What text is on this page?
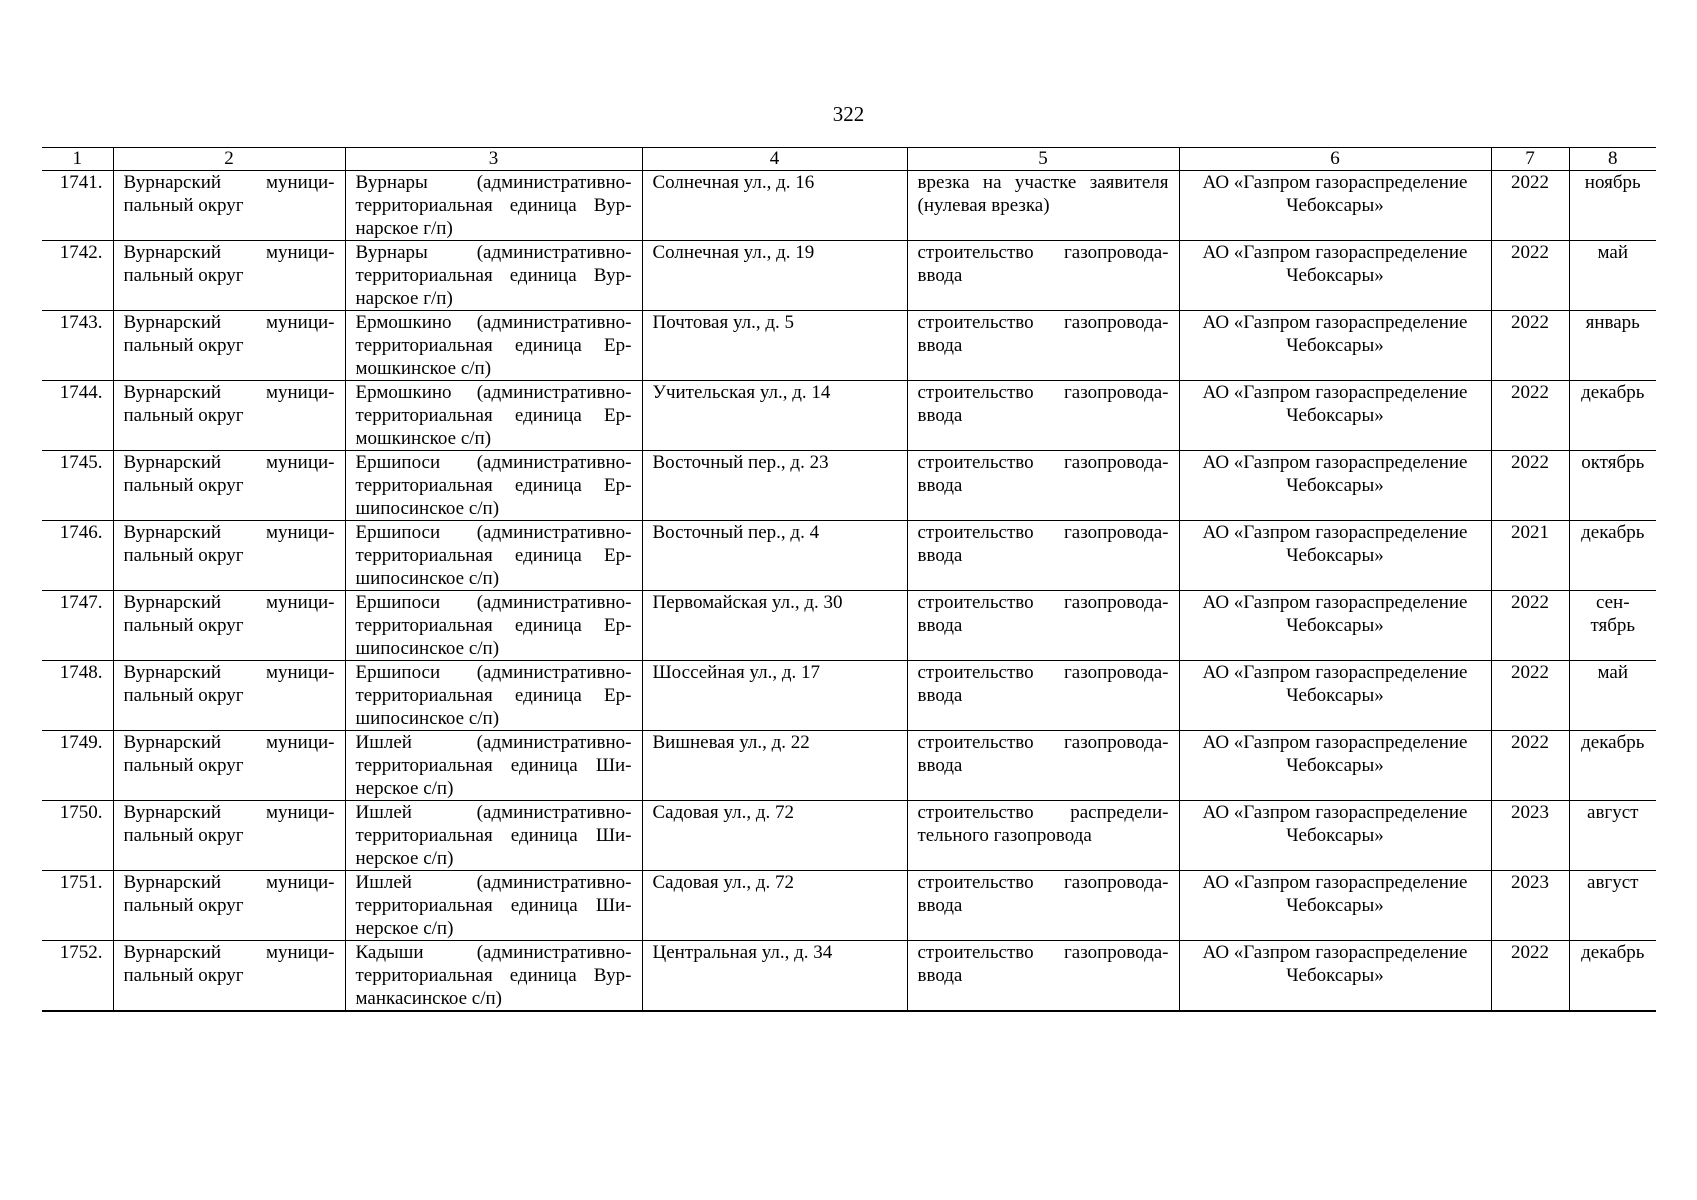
322
1	2	3	4	5	6	7	8
1741.	Вурнарский муници-пальный округ	Вурнары (административно-территориальная единица Вур-нарское г/п)	Солнечная ул., д. 16	врезка на участке заявителя (нулевая врезка)	АО «Газпром газораспределение Чебоксары»	2022	ноябрь
1742.	Вурнарский муници-пальный округ	Вурнары (административно-территориальная единица Вур-нарское г/п)	Солнечная ул., д. 19	строительство газопровода-ввода	АО «Газпром газораспределение Чебоксары»	2022	май
1743.	Вурнарский муници-пальный округ	Ермошкино (административно-территориальная единица Ер-мошкинское с/п)	Почтовая ул., д. 5	строительство газопровода-ввода	АО «Газпром газораспределение Чебоксары»	2022	январь
1744.	Вурнарский муници-пальный округ	Ермошкино (административно-территориальная единица Ер-мошкинское с/п)	Учительская ул., д. 14	строительство газопровода-ввода	АО «Газпром газораспределение Чебоксары»	2022	декабрь
1745.	Вурнарский муници-пальный округ	Ершипоси (административно-территориальная единица Ер-шипосинское с/п)	Восточный пер., д. 23	строительство газопровода-ввода	АО «Газпром газораспределение Чебоксары»	2022	октябрь
1746.	Вурнарский муници-пальный округ	Ершипоси (административно-территориальная единица Ер-шипосинское с/п)	Восточный пер., д. 4	строительство газопровода-ввода	АО «Газпром газораспределение Чебоксары»	2021	декабрь
1747.	Вурнарский муници-пальный округ	Ершипоси (административно-территориальная единица Ер-шипосинское с/п)	Первомайская ул., д. 30	строительство газопровода-ввода	АО «Газпром газораспределение Чебоксары»	2022	сен-тябрь
1748.	Вурнарский муници-пальный округ	Ершипоси (административно-территориальная единица Ер-шипосинское с/п)	Шоссейная ул., д. 17	строительство газопровода-ввода	АО «Газпром газораспределение Чебоксары»	2022	май
1749.	Вурнарский муници-пальный округ	Ишлей (административно-территориальная единица Ши-нерское с/п)	Вишневая ул., д. 22	строительство газопровода-ввода	АО «Газпром газораспределение Чебоксары»	2022	декабрь
1750.	Вурнарский муници-пальный округ	Ишлей (административно-территориальная единица Ши-нерское с/п)	Садовая ул., д. 72	строительство распредели-тельного газопровода	АО «Газпром газораспределение Чебоксары»	2023	август
1751.	Вурнарский муници-пальный округ	Ишлей (административно-территориальная единица Ши-нерское с/п)	Садовая ул., д. 72	строительство газопровода-ввода	АО «Газпром газораспределение Чебоксары»	2023	август
1752.	Вурнарский муници-пальный округ	Кадыши (административно-территориальная единица Вур-манкасинское с/п)	Центральная ул., д. 34	строительство газопровода-ввода	АО «Газпром газораспределение Чебоксары»	2022	декабрь
